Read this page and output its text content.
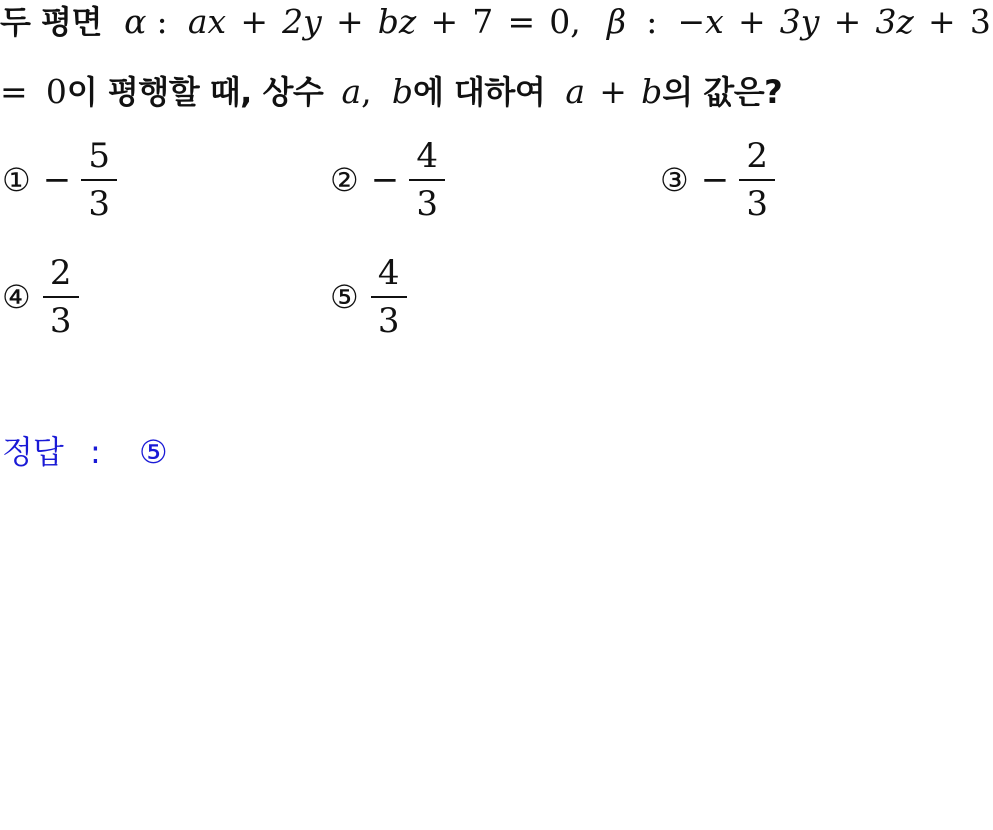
두 평면 α : ax + 2y + bz + 7 = 0, β : −x + 3y + 3z + 3
= 0이 평행할 때, 상수 a, b에 대하여 a + b의 값은?
① − $\frac{5}{3}$	② − $\frac{4}{3}$	③ − $\frac{2}{3}$
④ $\frac{2}{3}$	⑤ $\frac{4}{3}$
정답 : ⑤
